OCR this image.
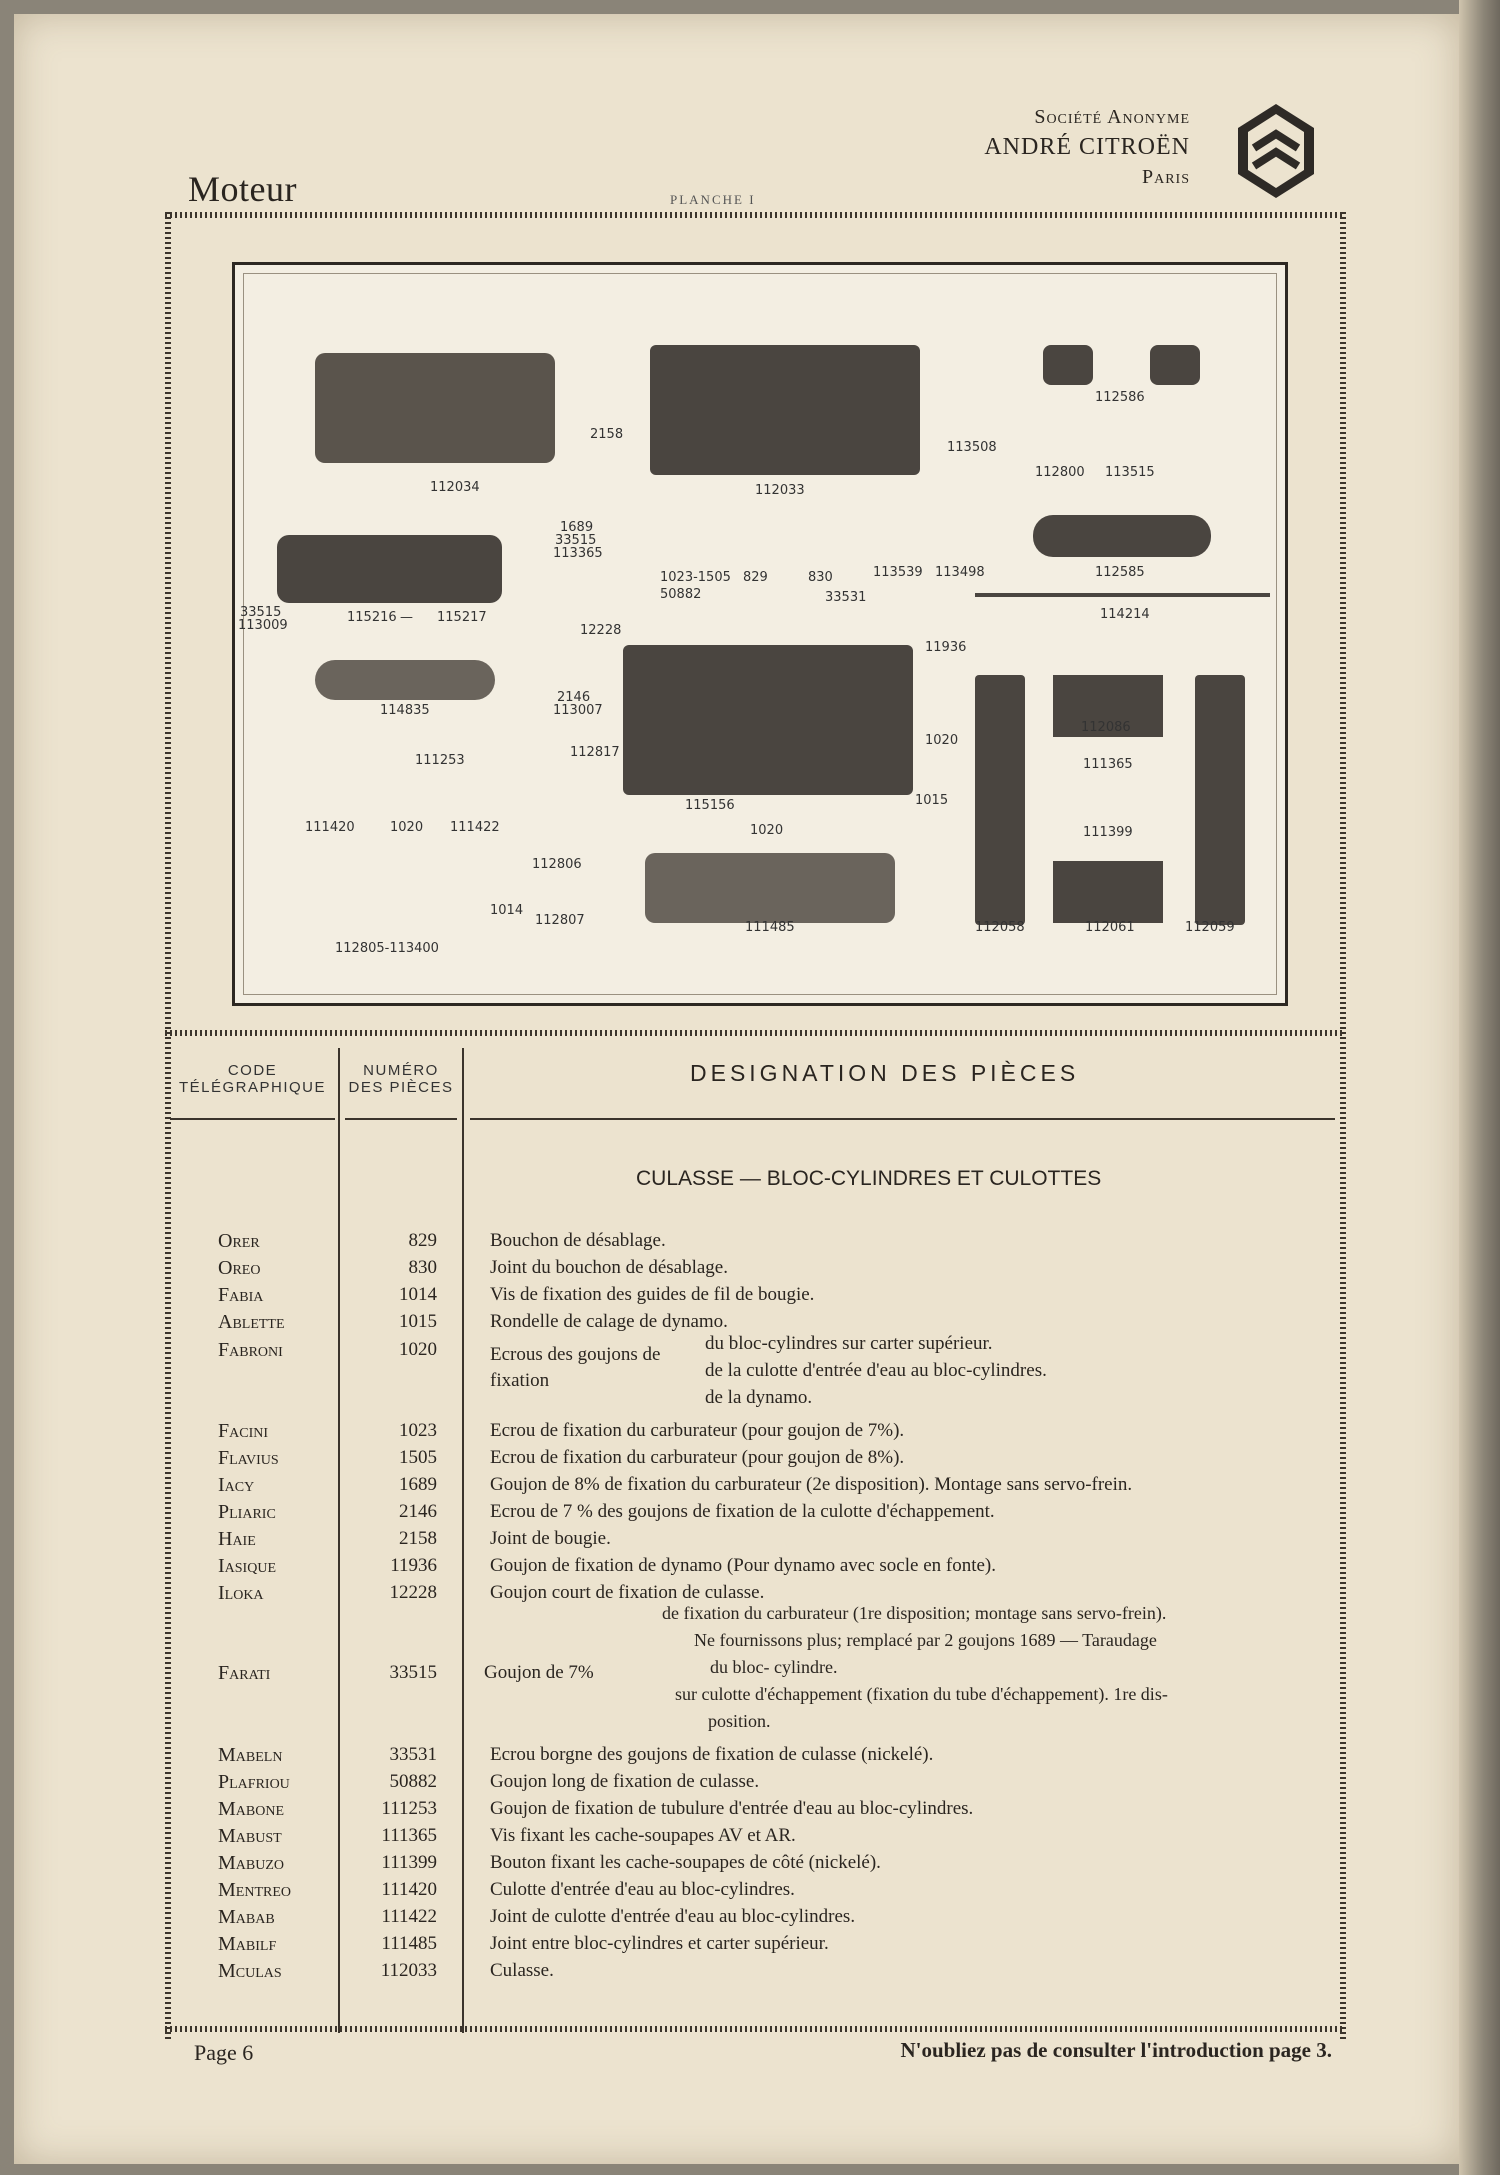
Moteur	PLANCHE I
Société Anonyme
ANDRÉ CITROËN
Paris
112034
2158
112033
113508
112800 113515
112586
1689
33515
113365
1023-1505 829	830	113539 113498	112585
50882	33531
114214
33515
113009
115216 — 115217
12228
11936
114835
2146
113007
112086
111365
111253
112817
1020
115156	1015
111420	1020 111422	1020	111399
112806
1014
112807	111485	112058	112061	112059
112805-113400
CODE
TÉLÉGRAPHIQUE
NUMÉRO
DES PIÈCES
DESIGNATION DES PIÈCES
CULASSE — BLOC-CYLINDRES ET CULOTTES
Orer	829	Bouchon de désablage.
Oreo	830	Joint du bouchon de désablage.
Fabia	1014	Vis de fixation des guides de fil de bougie.
Ablette	1015	Rondelle de calage de dynamo.
Fabroni	1020	Ecrous des goujons de fixation
du bloc-cylindres sur carter supérieur.
de la culotte d'entrée d'eau au bloc-cylindres.
de la dynamo.
Facini	1023	Ecrou de fixation du carburateur (pour goujon de 7%).
Flavius	1505	Ecrou de fixation du carburateur (pour goujon de 8%).
Iacy	1689	Goujon de 8% de fixation du carburateur (2e disposition). Montage sans servo-frein.
Pliaric	2146	Ecrou de 7 % des goujons de fixation de la culotte d'échappement.
Haie	2158	Joint de bougie.
Iasique	11936	Goujon de fixation de dynamo (Pour dynamo avec socle en fonte).
Iloka	12228	Goujon court de fixation de culasse.
Farati	33515 Goujon de 7%
de fixation du carburateur (1re disposition; montage sans servo-frein).
Ne fournissons plus; remplacé par 2 goujons 1689 — Taraudage
du bloc- cylindre.
sur culotte d'échappement (fixation du tube d'échappement). 1re dis-
position.
Mabeln	33531	Ecrou borgne des goujons de fixation de culasse (nickelé).
Plafriou	50882	Goujon long de fixation de culasse.
Mabone	111253	Goujon de fixation de tubulure d'entrée d'eau au bloc-cylindres.
Mabust	111365	Vis fixant les cache-soupapes AV et AR.
Mabuzo	111399	Bouton fixant les cache-soupapes de côté (nickelé).
Mentreo	111420	Culotte d'entrée d'eau au bloc-cylindres.
Mabab	111422	Joint de culotte d'entrée d'eau au bloc-cylindres.
Mabilf	111485	Joint entre bloc-cylindres et carter supérieur.
Mculas	112033	Culasse.
Page 6	N'oubliez pas de consulter l'introduction page 3.
